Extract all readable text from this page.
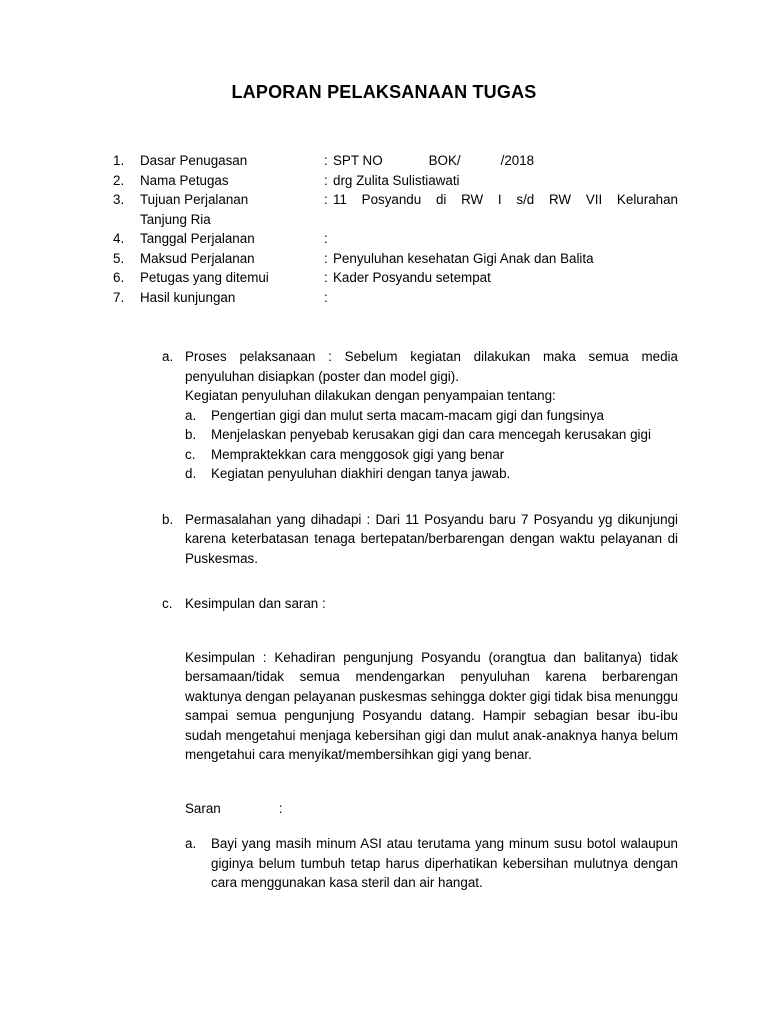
LAPORAN PELAKSANAAN TUGAS
1.	Dasar Penugasan	: SPT NO	BOK/	/2018
2.	Nama Petugas	: drg Zulita Sulistiawati
3.	Tujuan Perjalanan	: 11 Posyandu di RW I s/d RW VII Kelurahan
Tanjung Ria
4.	Tanggal Perjalanan	:
5.	Maksud Perjalanan	: Penyuluhan kesehatan Gigi Anak dan Balita
6.	Petugas yang ditemui	: Kader Posyandu setempat
7.	Hasil kunjungan	:
a. Proses pelaksanaan : Sebelum kegiatan dilakukan maka semua media penyuluhan disiapkan (poster dan model gigi).
Kegiatan penyuluhan dilakukan dengan penyampaian tentang:
a. Pengertian gigi dan mulut serta macam-macam gigi dan fungsinya
b. Menjelaskan penyebab kerusakan gigi dan cara mencegah kerusakan gigi
c. Mempraktekkan cara menggosok gigi yang benar
d. Kegiatan penyuluhan diakhiri dengan tanya jawab.
b. Permasalahan yang dihadapi : Dari 11 Posyandu baru 7 Posyandu yg dikunjungi karena keterbatasan tenaga bertepatan/berbarengan dengan waktu pelayanan di Puskesmas.
c. Kesimpulan dan saran :
Kesimpulan : Kehadiran pengunjung Posyandu (orangtua dan balitanya) tidak bersamaan/tidak semua mendengarkan penyuluhan karena berbarengan waktunya dengan pelayanan puskesmas sehingga dokter gigi tidak bisa menunggu sampai semua pengunjung Posyandu datang. Hampir sebagian besar ibu-ibu sudah mengetahui menjaga kebersihan gigi dan mulut anak-anaknya hanya belum mengetahui cara menyikat/membersihkan gigi yang benar.
Saran	:
a. Bayi yang masih minum ASI atau terutama yang minum susu botol walaupun giginya belum tumbuh tetap harus diperhatikan kebersihan mulutnya dengan cara menggunakan kasa steril dan air hangat.
